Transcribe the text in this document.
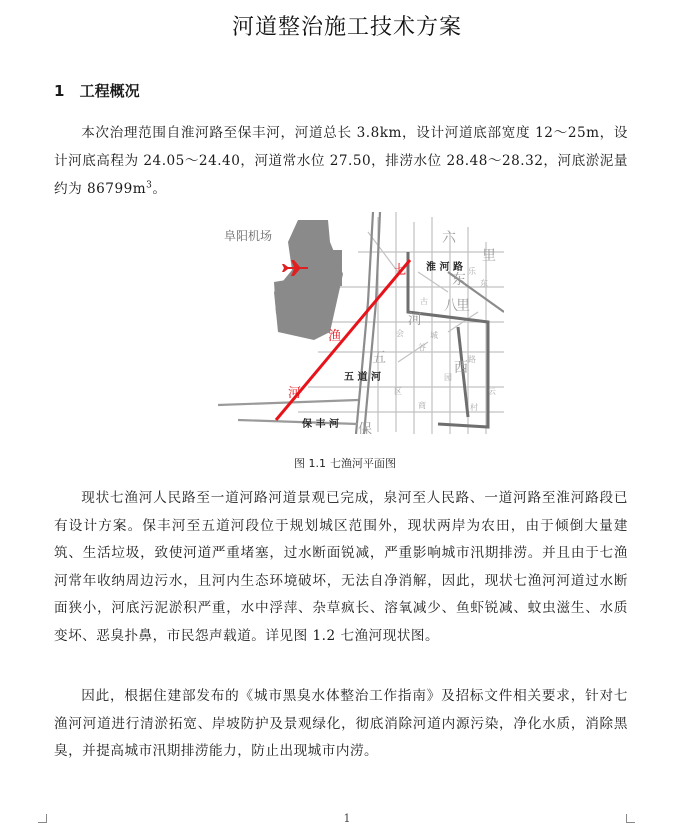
河道整治施工技术方案
1 工程概况
本次治理范围自淮河路至保丰河，河道总长 3.8km，设计河道底部宽度 12～25m，设计河底高程为 24.05～24.40，河道常水位 27.50，排涝水位 28.48～28.32，河底淤泥量约为 $86799m^3$。
阜阳机场
淮 河 路
五 道 河
保 丰 河
七
渔
河
六
里
河
东
八
里
西
五
保
乐
东
谷
路
城
云
会
区
园
商	村
古
图 1.1 七渔河平面图
现状七渔河人民路至一道河路河道景观已完成，泉河至人民路、一道河路至淮河路段已有设计方案。保丰河至五道河段位于规划城区范围外，现状两岸为农田，由于倾倒大量建筑、生活垃圾，致使河道严重堵塞，过水断面锐减，严重影响城市汛期排涝。并且由于七渔河常年收纳周边污水，且河内生态环境破坏，无法自净消解，因此，现状七渔河河道过水断面狭小，河底污泥淤积严重，水中浮萍、杂草疯长、溶氧减少、鱼虾锐减、蚊虫滋生、水质变坏、恶臭扑鼻，市民怨声载道。详见图 1.2 七渔河现状图。
因此，根据住建部发布的《城市黑臭水体整治工作指南》及招标文件相关要求，针对七渔河河道进行清淤拓宽、岸坡防护及景观绿化，彻底消除河道内源污染，净化水质，消除黑臭，并提高城市汛期排涝能力，防止出现城市内涝。
1
